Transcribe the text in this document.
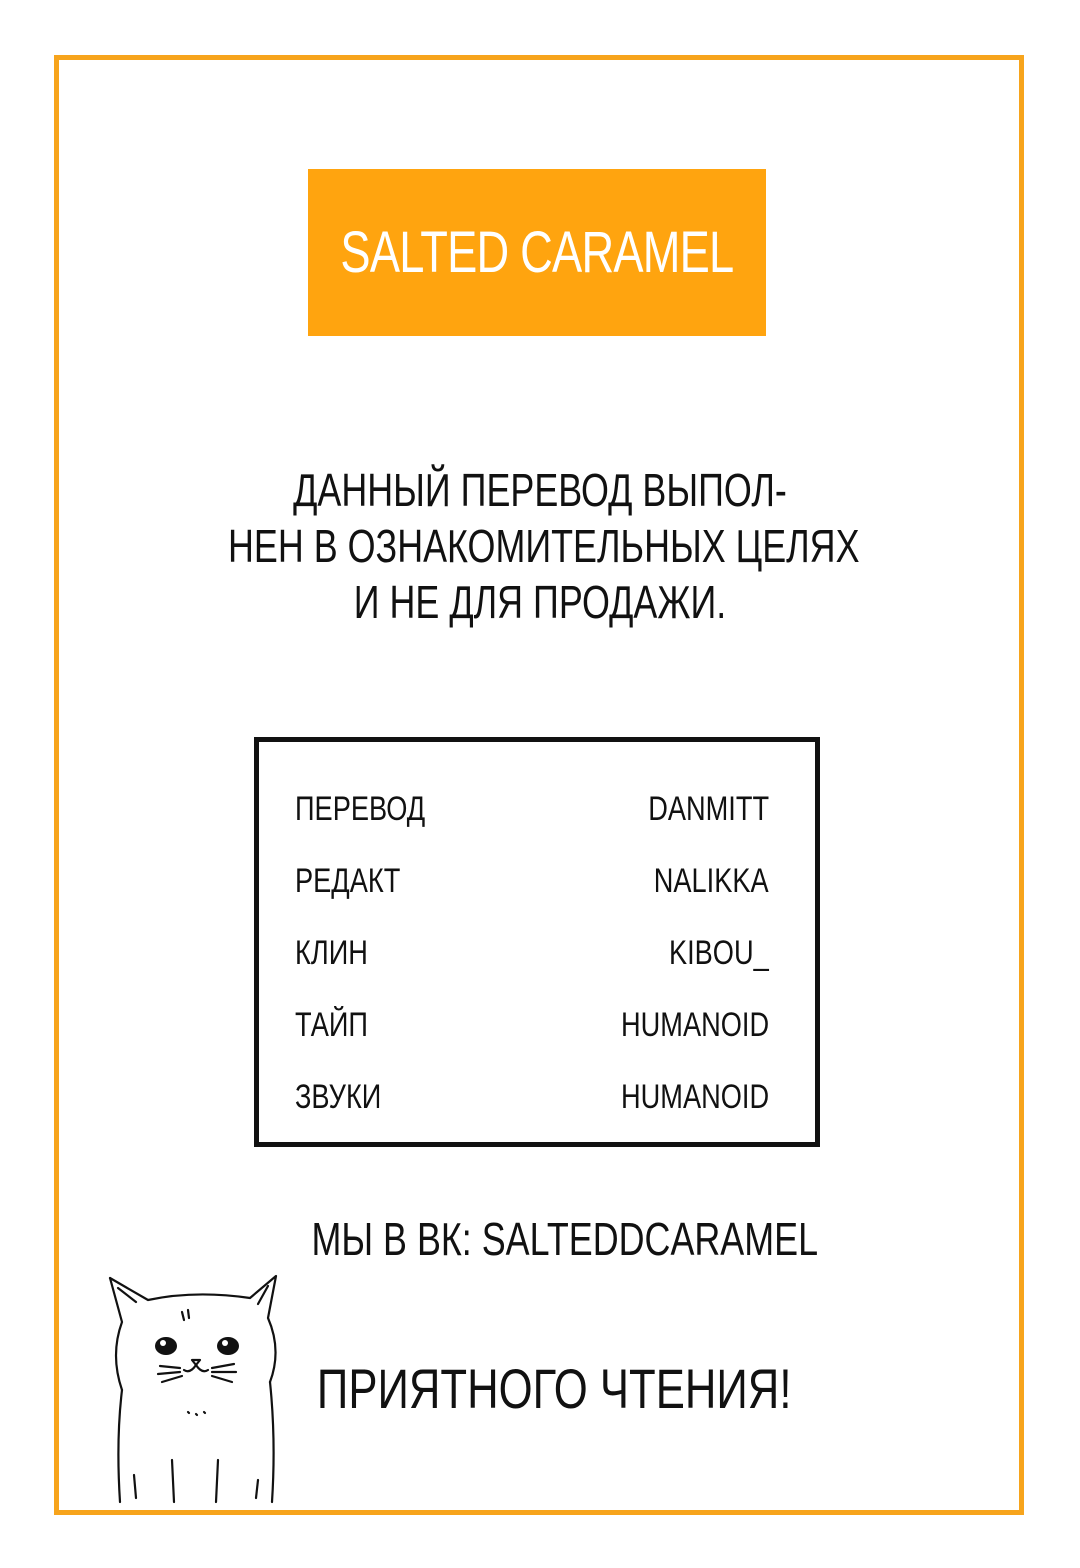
SALTED CARAMEL
ДАННЫЙ ПЕРЕВОД ВЫПОЛ-
НЕН В ОЗНАКОМИТЕЛЬНЫХ ЦЕЛЯХ
И НЕ ДЛЯ ПРОДАЖИ.
ПЕРЕВОД	DANMITT
РЕДАКТ	NALIKKA
КЛИН	KIBOU_
ТАЙП	HUMANOID
ЗВУКИ	HUMANOID
МЫ В ВК: SALTEDDCARAMEL
ПРИЯТНОГО ЧТЕНИЯ!
